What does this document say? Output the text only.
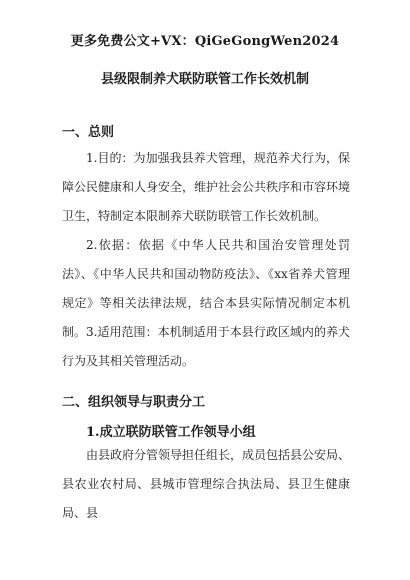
更多免费公文+VX：QiGeGongWen2024
县级限制养犬联防联管工作长效机制
一、总则
1.目的：为加强我县养犬管理，规范养犬行为，保障公民健康和人身安全，维护社会公共秩序和市容环境卫生，特制定本限制养犬联防联管工作长效机制。
2.依据：依据《中华人民共和国治安管理处罚法》、《中华人民共和国动物防疫法》、《xx省养犬管理规定》等相关法律法规，结合本县实际情况制定本机制。 3.适用范围：本机制适用于本县行政区域内的养犬行为及其相关管理活动。
二、组织领导与职责分工
1.成立联防联管工作领导小组
由县政府分管领导担任组长，成员包括县公安局、县农业农村局、县城市管理综合执法局、县卫生健康局、县
